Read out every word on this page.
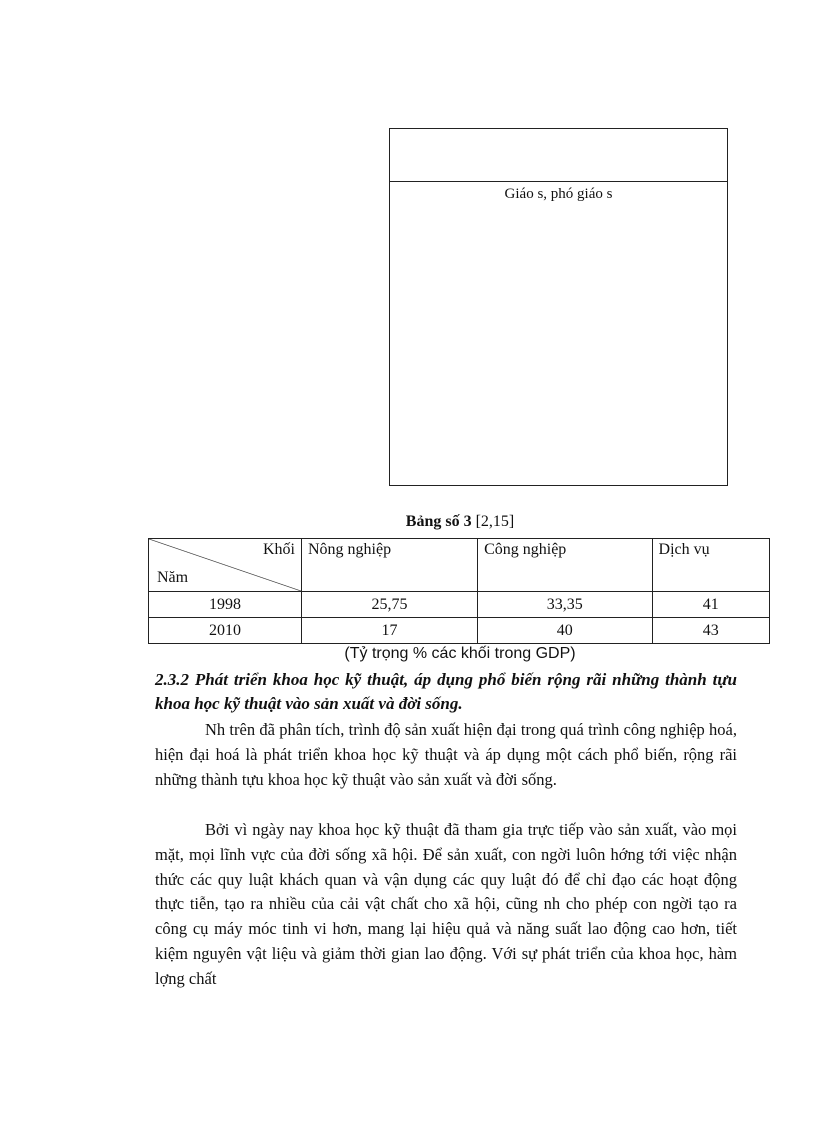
Giáo s, phó giáo s
Bảng số 3 [2,15]
Khối
Năm	Nông nghiệp	Công nghiệp	Dịch vụ
1998	25,75	33,35	41
2010	17	40	43
(Tỷ trọng % các khối trong GDP)
2.3.2 Phát triển khoa học kỹ thuật, áp dụng phổ biến rộng rãi những thành tựu khoa học kỹ thuật vào sản xuất và đời sống.

Nh trên đã phân tích, trình độ sản xuất hiện đại trong quá trình công nghiệp hoá, hiện đại hoá là phát triển khoa học kỹ thuật và áp dụng một cách phổ biến, rộng rãi những thành tựu khoa học kỹ thuật vào sản xuất và đời sống.

Bởi vì ngày nay khoa học kỹ thuật đã tham gia trực tiếp vào sản xuất, vào mọi mặt, mọi lĩnh vực của đời sống xã hội. Để sản xuất, con ngời luôn hớng tới việc nhận thức các quy luật khách quan và vận dụng các quy luật đó để chỉ đạo các hoạt động thực tiễn, tạo ra nhiều của cải vật chất cho xã hội, cũng nh cho phép con ngời tạo ra công cụ máy móc tinh vi hơn, mang lại hiệu quả và năng suất lao động cao hơn, tiết kiệm nguyên vật liệu và giảm thời gian lao động. Với sự phát triển của khoa học, hàm lợng chất
